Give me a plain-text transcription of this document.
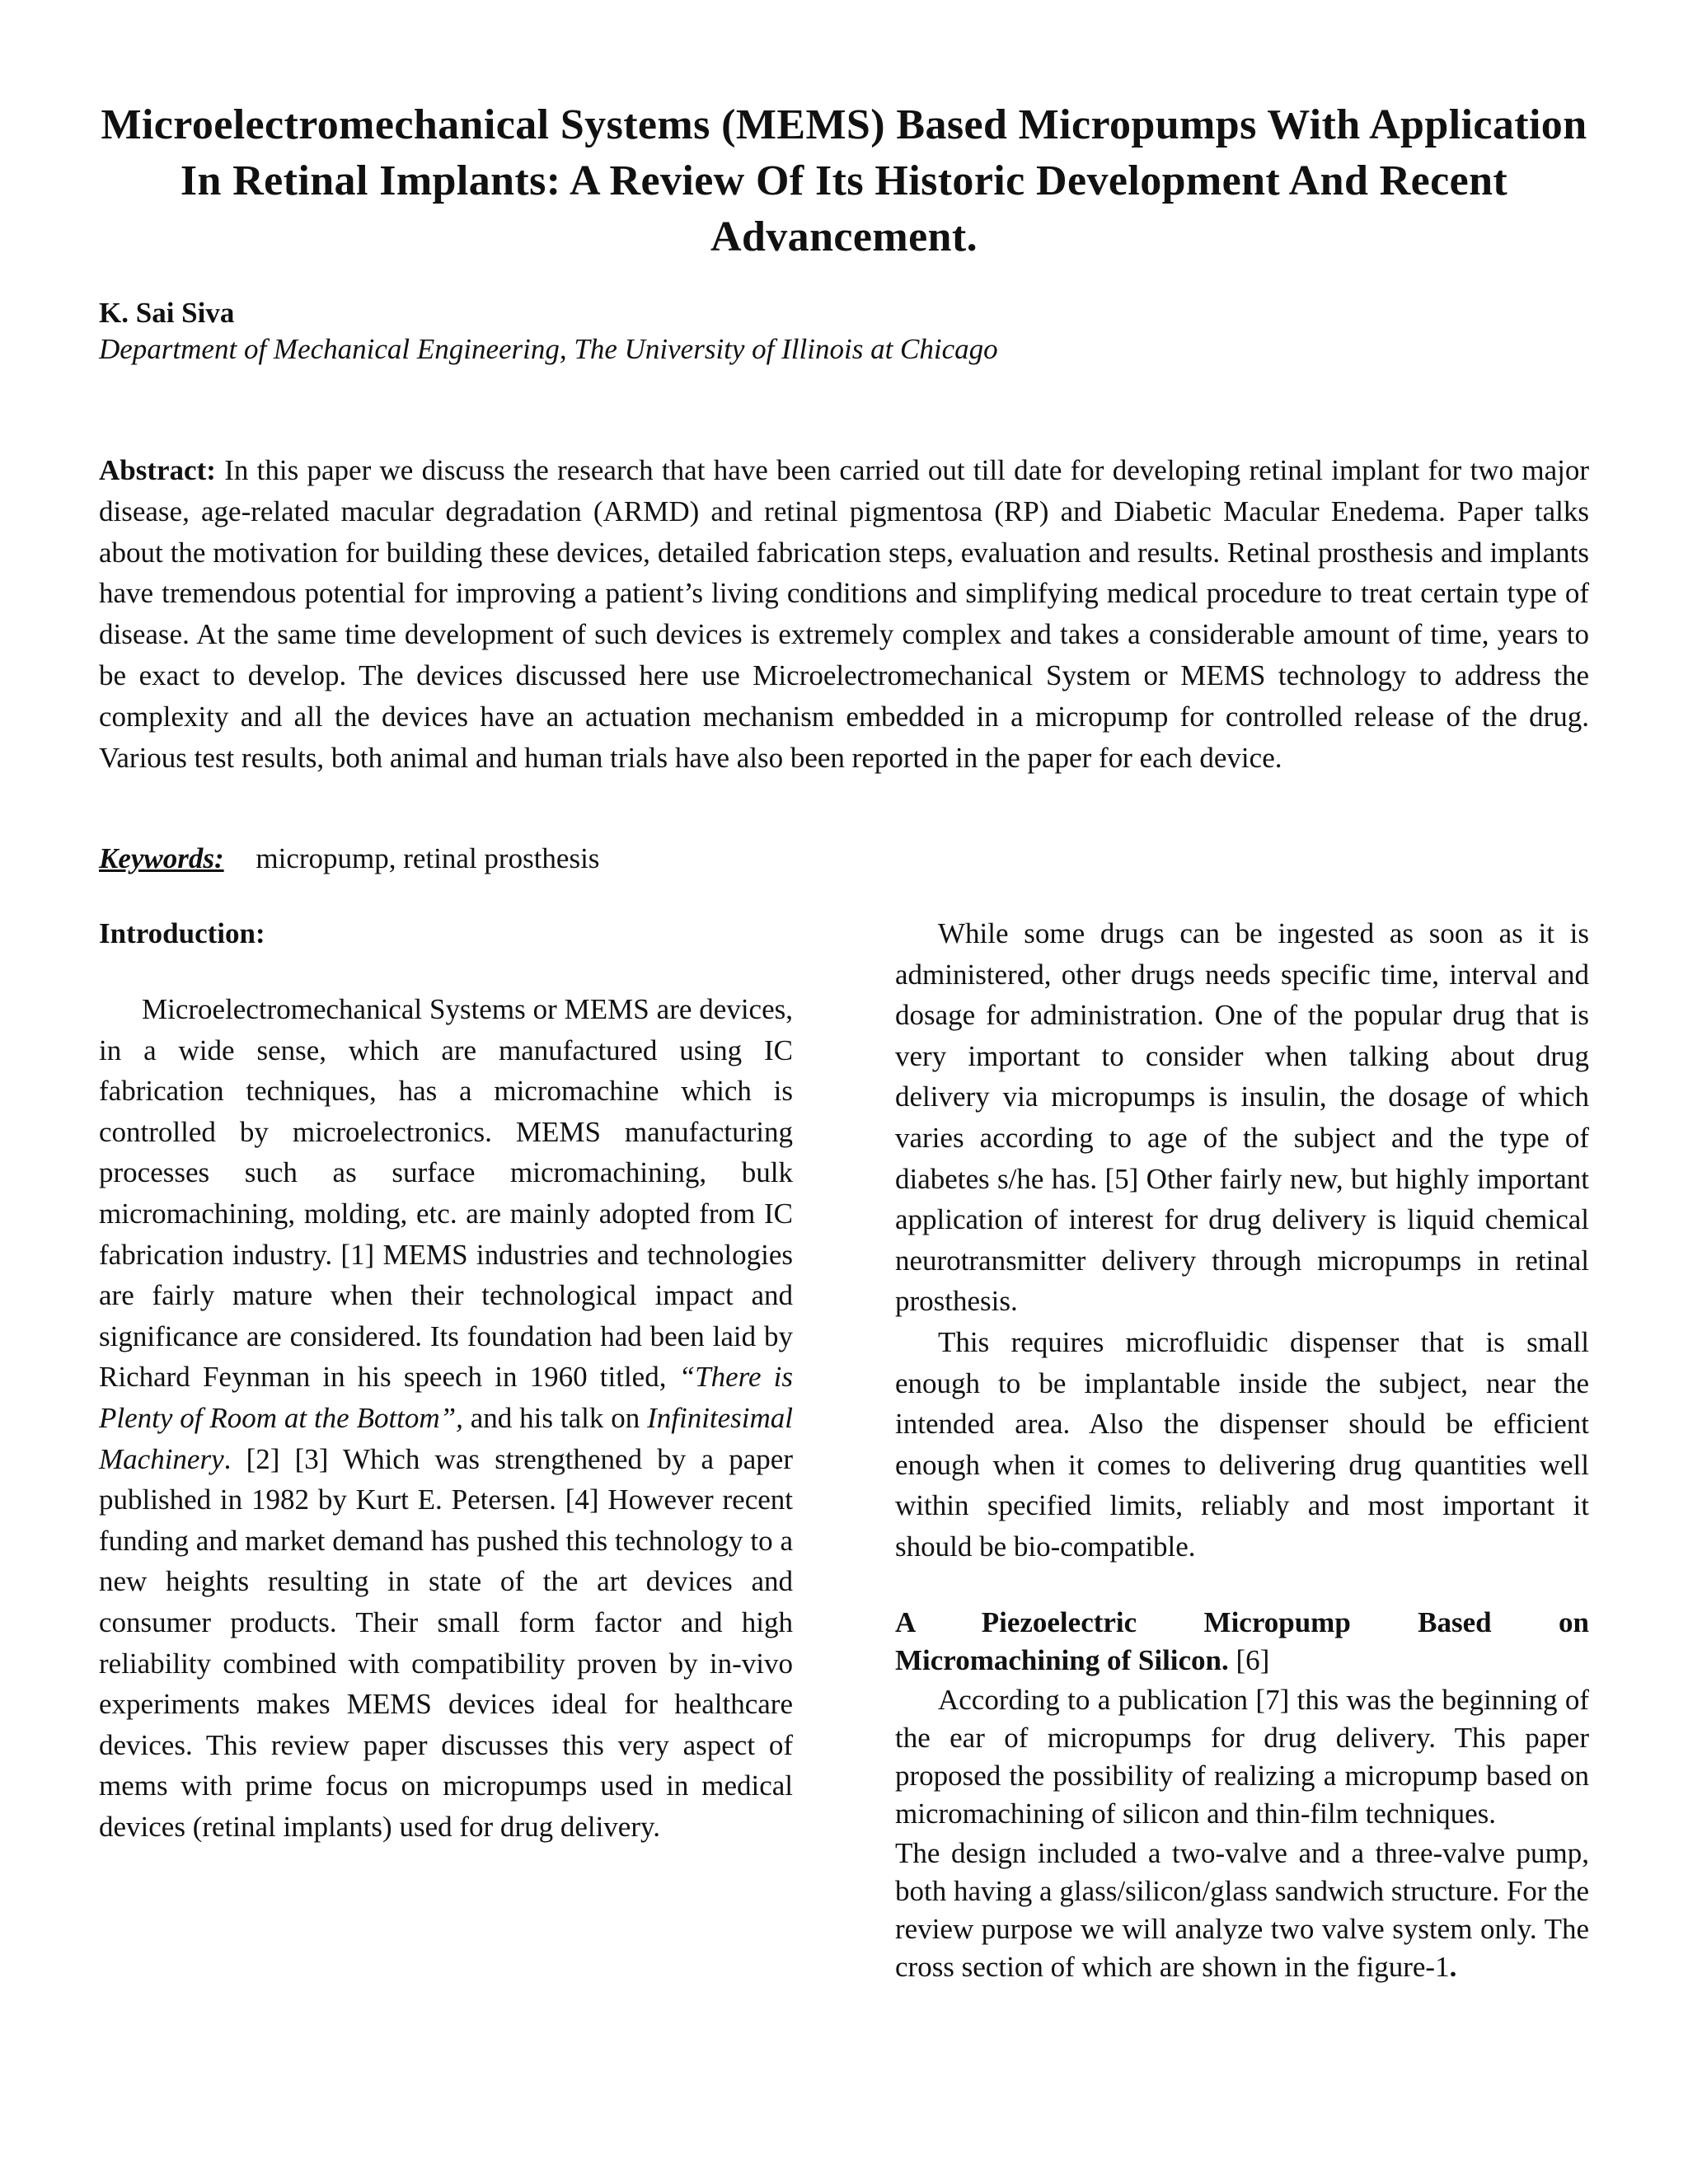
Microelectromechanical Systems (MEMS) Based Micropumps With Application In Retinal Implants: A Review Of Its Historic Development And Recent Advancement.
K. Sai Siva
Department of Mechanical Engineering, The University of Illinois at Chicago

Abstract: In this paper we discuss the research that have been carried out till date for developing retinal implant for two major disease, age-related macular degradation (ARMD) and retinal pigmentosa (RP) and Diabetic Macular Enedema. Paper talks about the motivation for building these devices, detailed fabrication steps, evaluation and results. Retinal prosthesis and implants have tremendous potential for improving a patient’s living conditions and simplifying medical procedure to treat certain type of disease. At the same time development of such devices is extremely complex and takes a considerable amount of time, years to be exact to develop. The devices discussed here use Microelectromechanical System or MEMS technology to address the complexity and all the devices have an actuation mechanism embedded in a micropump for controlled release of the drug. Various test results, both animal and human trials have also been reported in the paper for each device.

Keywords: micropump, retinal prosthesis
Introduction:

Microelectromechanical Systems or MEMS are devices, in a wide sense, which are manufactured using IC fabrication techniques, has a micromachine which is controlled by microelectronics. MEMS manufacturing processes such as surface micromachining, bulk micromachining, molding, etc. are mainly adopted from IC fabrication industry. [1] MEMS industries and technologies are fairly mature when their technological impact and significance are considered. Its foundation had been laid by Richard Feynman in his speech in 1960 titled, “There is Plenty of Room at the Bottom”, and his talk on Infinitesimal Machinery. [2] [3] Which was strengthened by a paper published in 1982 by Kurt E. Petersen. [4] However recent funding and market demand has pushed this technology to a new heights resulting in state of the art devices and consumer products. Their small form factor and high reliability combined with compatibility proven by in-vivo experiments makes MEMS devices ideal for healthcare devices. This review paper discusses this very aspect of mems with prime focus on micropumps used in medical devices (retinal implants) used for drug delivery.

While some drugs can be ingested as soon as it is administered, other drugs needs specific time, interval and dosage for administration. One of the popular drug that is very important to consider when talking about drug delivery via micropumps is insulin, the dosage of which varies according to age of the subject and the type of diabetes s/he has. [5] Other fairly new, but highly important application of interest for drug delivery is liquid chemical neurotransmitter delivery through micropumps in retinal prosthesis.

This requires microfluidic dispenser that is small enough to be implantable inside the subject, near the intended area. Also the dispenser should be efficient enough when it comes to delivering drug quantities well within specified limits, reliably and most important it should be bio-compatible.

A Piezoelectric Micropump Based on
Micromachining of Silicon. [6]

According to a publication [7] this was the beginning of the ear of micropumps for drug delivery. This paper proposed the possibility of realizing a micropump based on micromachining of silicon and thin-film techniques.

The design included a two-valve and a three-valve pump, both having a glass/silicon/glass sandwich structure. For the review purpose we will analyze two valve system only. The cross section of which are shown in the figure-1.
